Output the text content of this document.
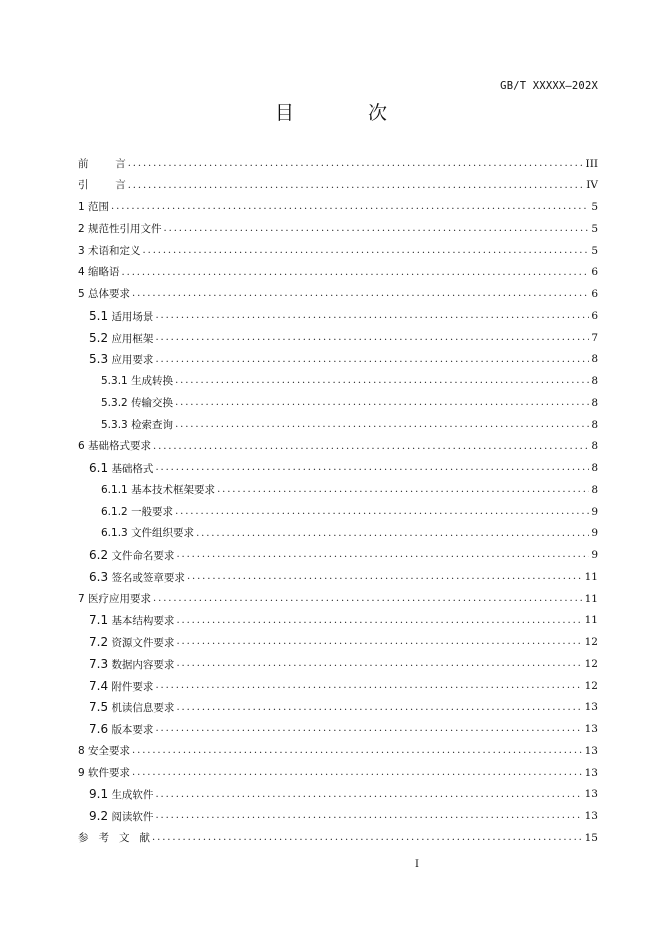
GB/T XXXXX—202X
目 次
前        言 .....	III
引        言 .....	IV
1 范围 .....	5
2 规范性引用文件 .....	5
3 术语和定义 .....	5
4 缩略语 .....	6
5 总体要求 .....	6
5.1 适用场景 .....	6
5.2 应用框架 .....	7
5.3 应用要求 .....	8
5.3.1 生成转换 .....	8
5.3.2 传输交换 .....	8
5.3.3 检索查询 .....	8
6 基础格式要求 .....	8
6.1 基础格式 .....	8
6.1.1 基本技术框架要求 .....	8
6.1.2 一般要求 .....	9
6.1.3 文件组织要求 .....	9
6.2 文件命名要求 .....	9
6.3 签名或签章要求 .....	11
7 医疗应用要求 .....	11
7.1 基本结构要求 .....	11
7.2 资源文件要求 .....	12
7.3 数据内容要求 .....	12
7.4 附件要求 .....	12
7.5 机读信息要求 .....	13
7.6 版本要求 .....	13
8 安全要求 .....	13
9 软件要求 .....	13
9.1 生成软件 .....	13
9.2 阅读软件 .....	13
参   考   文   献 .....	15
I
